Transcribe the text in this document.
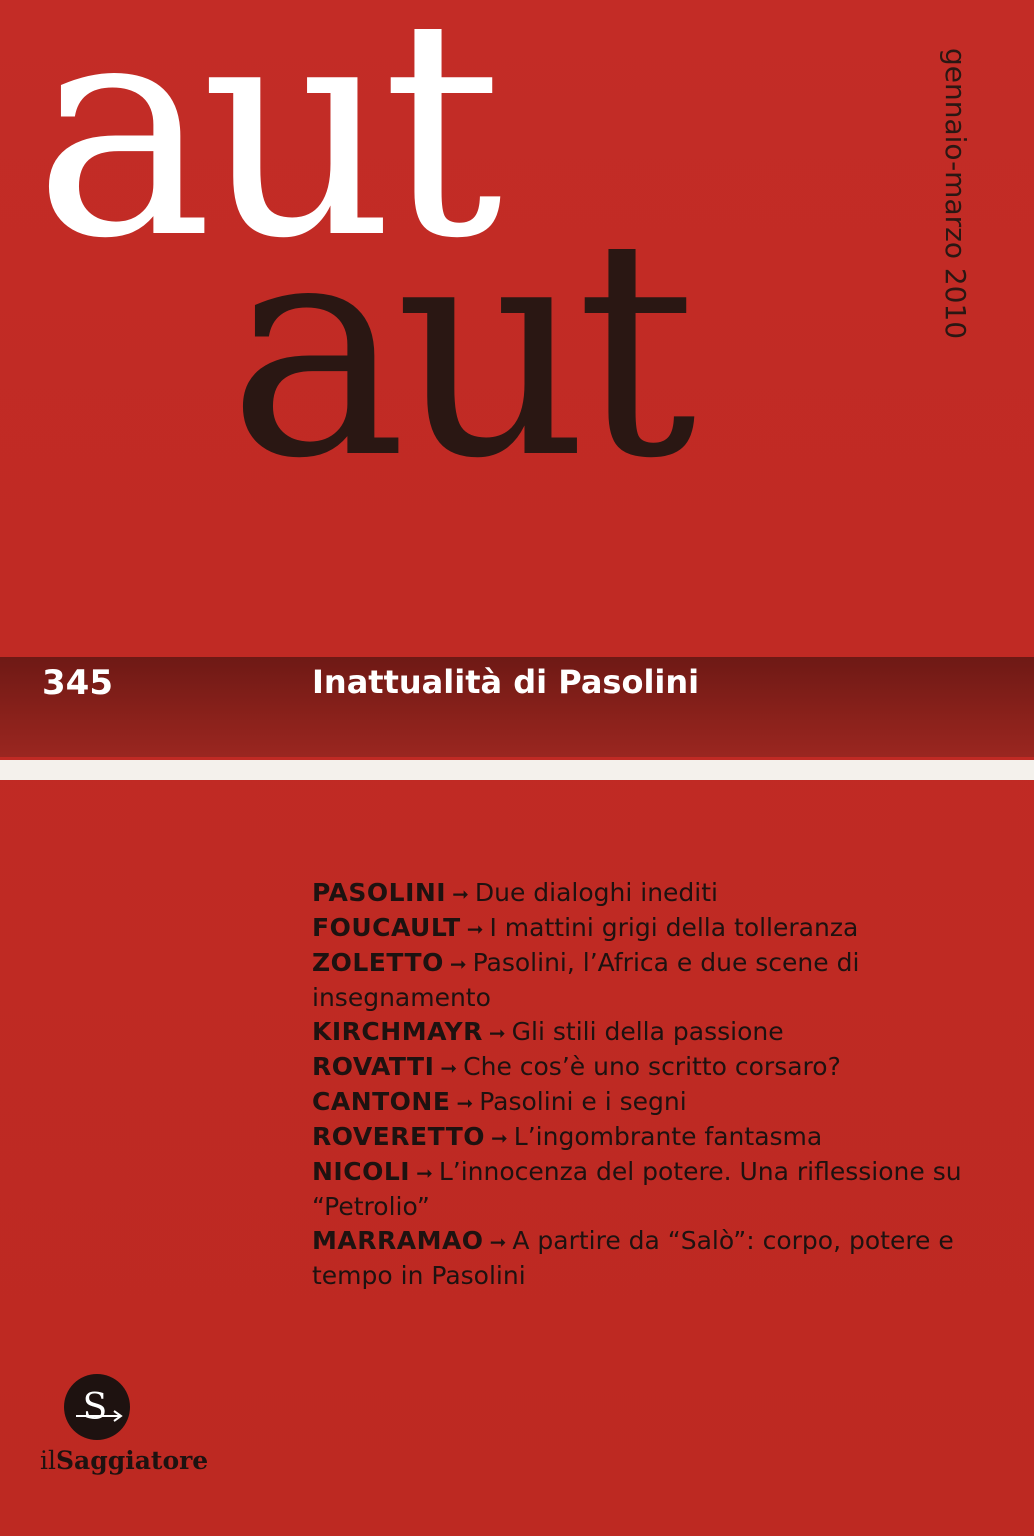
aut
aut	gennaio-marzo 2010
345	Inattualità di Pasolini
PASOLINI ➞ Due dialoghi inediti
FOUCAULT ➞ I mattini grigi della tolleranza
ZOLETTO ➞ Pasolini, l’Africa e due scene di insegnamento
KIRCHMAYR ➞ Gli stili della passione
ROVATTI ➞ Che cos’è uno scritto corsaro?
CANTONE ➞ Pasolini e i segni
ROVERETTO ➞ L’ingombrante fantasma
NICOLI ➞ L’innocenza del potere. Una riflessione su “Petrolio”
MARRAMAO ➞ A partire da “Salò”: corpo, potere e tempo in Pasolini
S
ilSaggiatore
